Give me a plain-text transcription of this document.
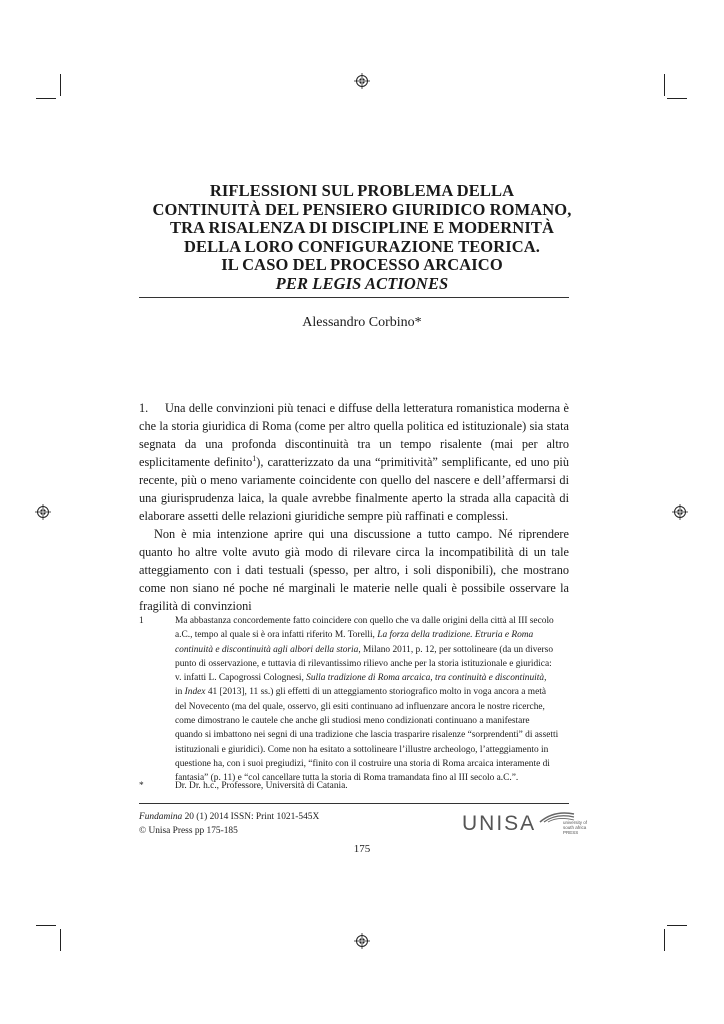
RIFLESSIONI SUL PROBLEMA DELLA
CONTINUITÀ DEL PENSIERO GIURIDICO ROMANO,
TRA RISALENZA DI DISCIPLINE E MODERNITÀ
DELLA LORO CONFIGURAZIONE TEORICA.
IL CASO DEL PROCESSO ARCAICO
PER LEGIS ACTIONES
Alessandro Corbino*

1. Una delle convinzioni più tenaci e diffuse della letteratura romanistica moderna è che la storia giuridica di Roma (come per altro quella politica ed istituzionale) sia stata segnata da una profonda discontinuità tra un tempo risalente (mai per altro esplicitamente definito$^1$), caratterizzato da una “primitività” semplificante, ed uno più recente, più o meno variamente coincidente con quello del nascere e dell’affermarsi di una giurisprudenza laica, la quale avrebbe finalmente aperto la strada alla capacità di elaborare assetti delle relazioni giuridiche sempre più raffinati e complessi.

Non è mia intenzione aprire qui una discussione a tutto campo. Né riprendere quanto ho altre volte avuto già modo di rilevare circa la incompatibilità di un tale atteggiamento con i dati testuali (spesso, per altro, i soli disponibili), che mostrano come non siano né poche né marginali le materie nelle quali è possibile osservare la fragilità di convinzioni

1	Ma abbastanza concordemente fatto coincidere con quello che va dalle origini della città al III secolo
a.C., tempo al quale si è ora infatti riferito M. Torelli, La forza della tradizione. Etruria e Roma
continuità e discontinuità agli albori della storia, Milano 2011, p. 12, per sottolineare (da un diverso
punto di osservazione, e tuttavia di rilevantissimo rilievo anche per la storia istituzionale e giuridica:
v. infatti L. Capogrossi Colognesi, Sulla tradizione di Roma arcaica, tra continuità e discontinuità,
in Index 41 [2013], 11 ss.) gli effetti di un atteggiamento storiografico molto in voga ancora a metà
del Novecento (ma del quale, osservo, gli esiti continuano ad influenzare ancora le nostre ricerche,
come dimostrano le cautele che anche gli studiosi meno condizionati continuano a manifestare
quando si imbattono nei segni di una tradizione che lascia trasparire risalenze “sorprendenti” di assetti
istituzionali e giuridici). Come non ha esitato a sottolineare l’illustre archeologo, l’atteggiamento in
questione ha, con i suoi pregiudizi, “finito con il costruire una storia di Roma arcaica interamente di
fantasia” (p. 11) e “col cancellare tutta la storia di Roma tramandata fino al III secolo a.C.”.
*	Dr. Dr. h.c., Professore, Università di Catania.
Fundamina 20 (1) 2014 ISSN: Print 1021-545X
© Unisa Press pp 175-185	UNISA	university of south africa PRESS
175
